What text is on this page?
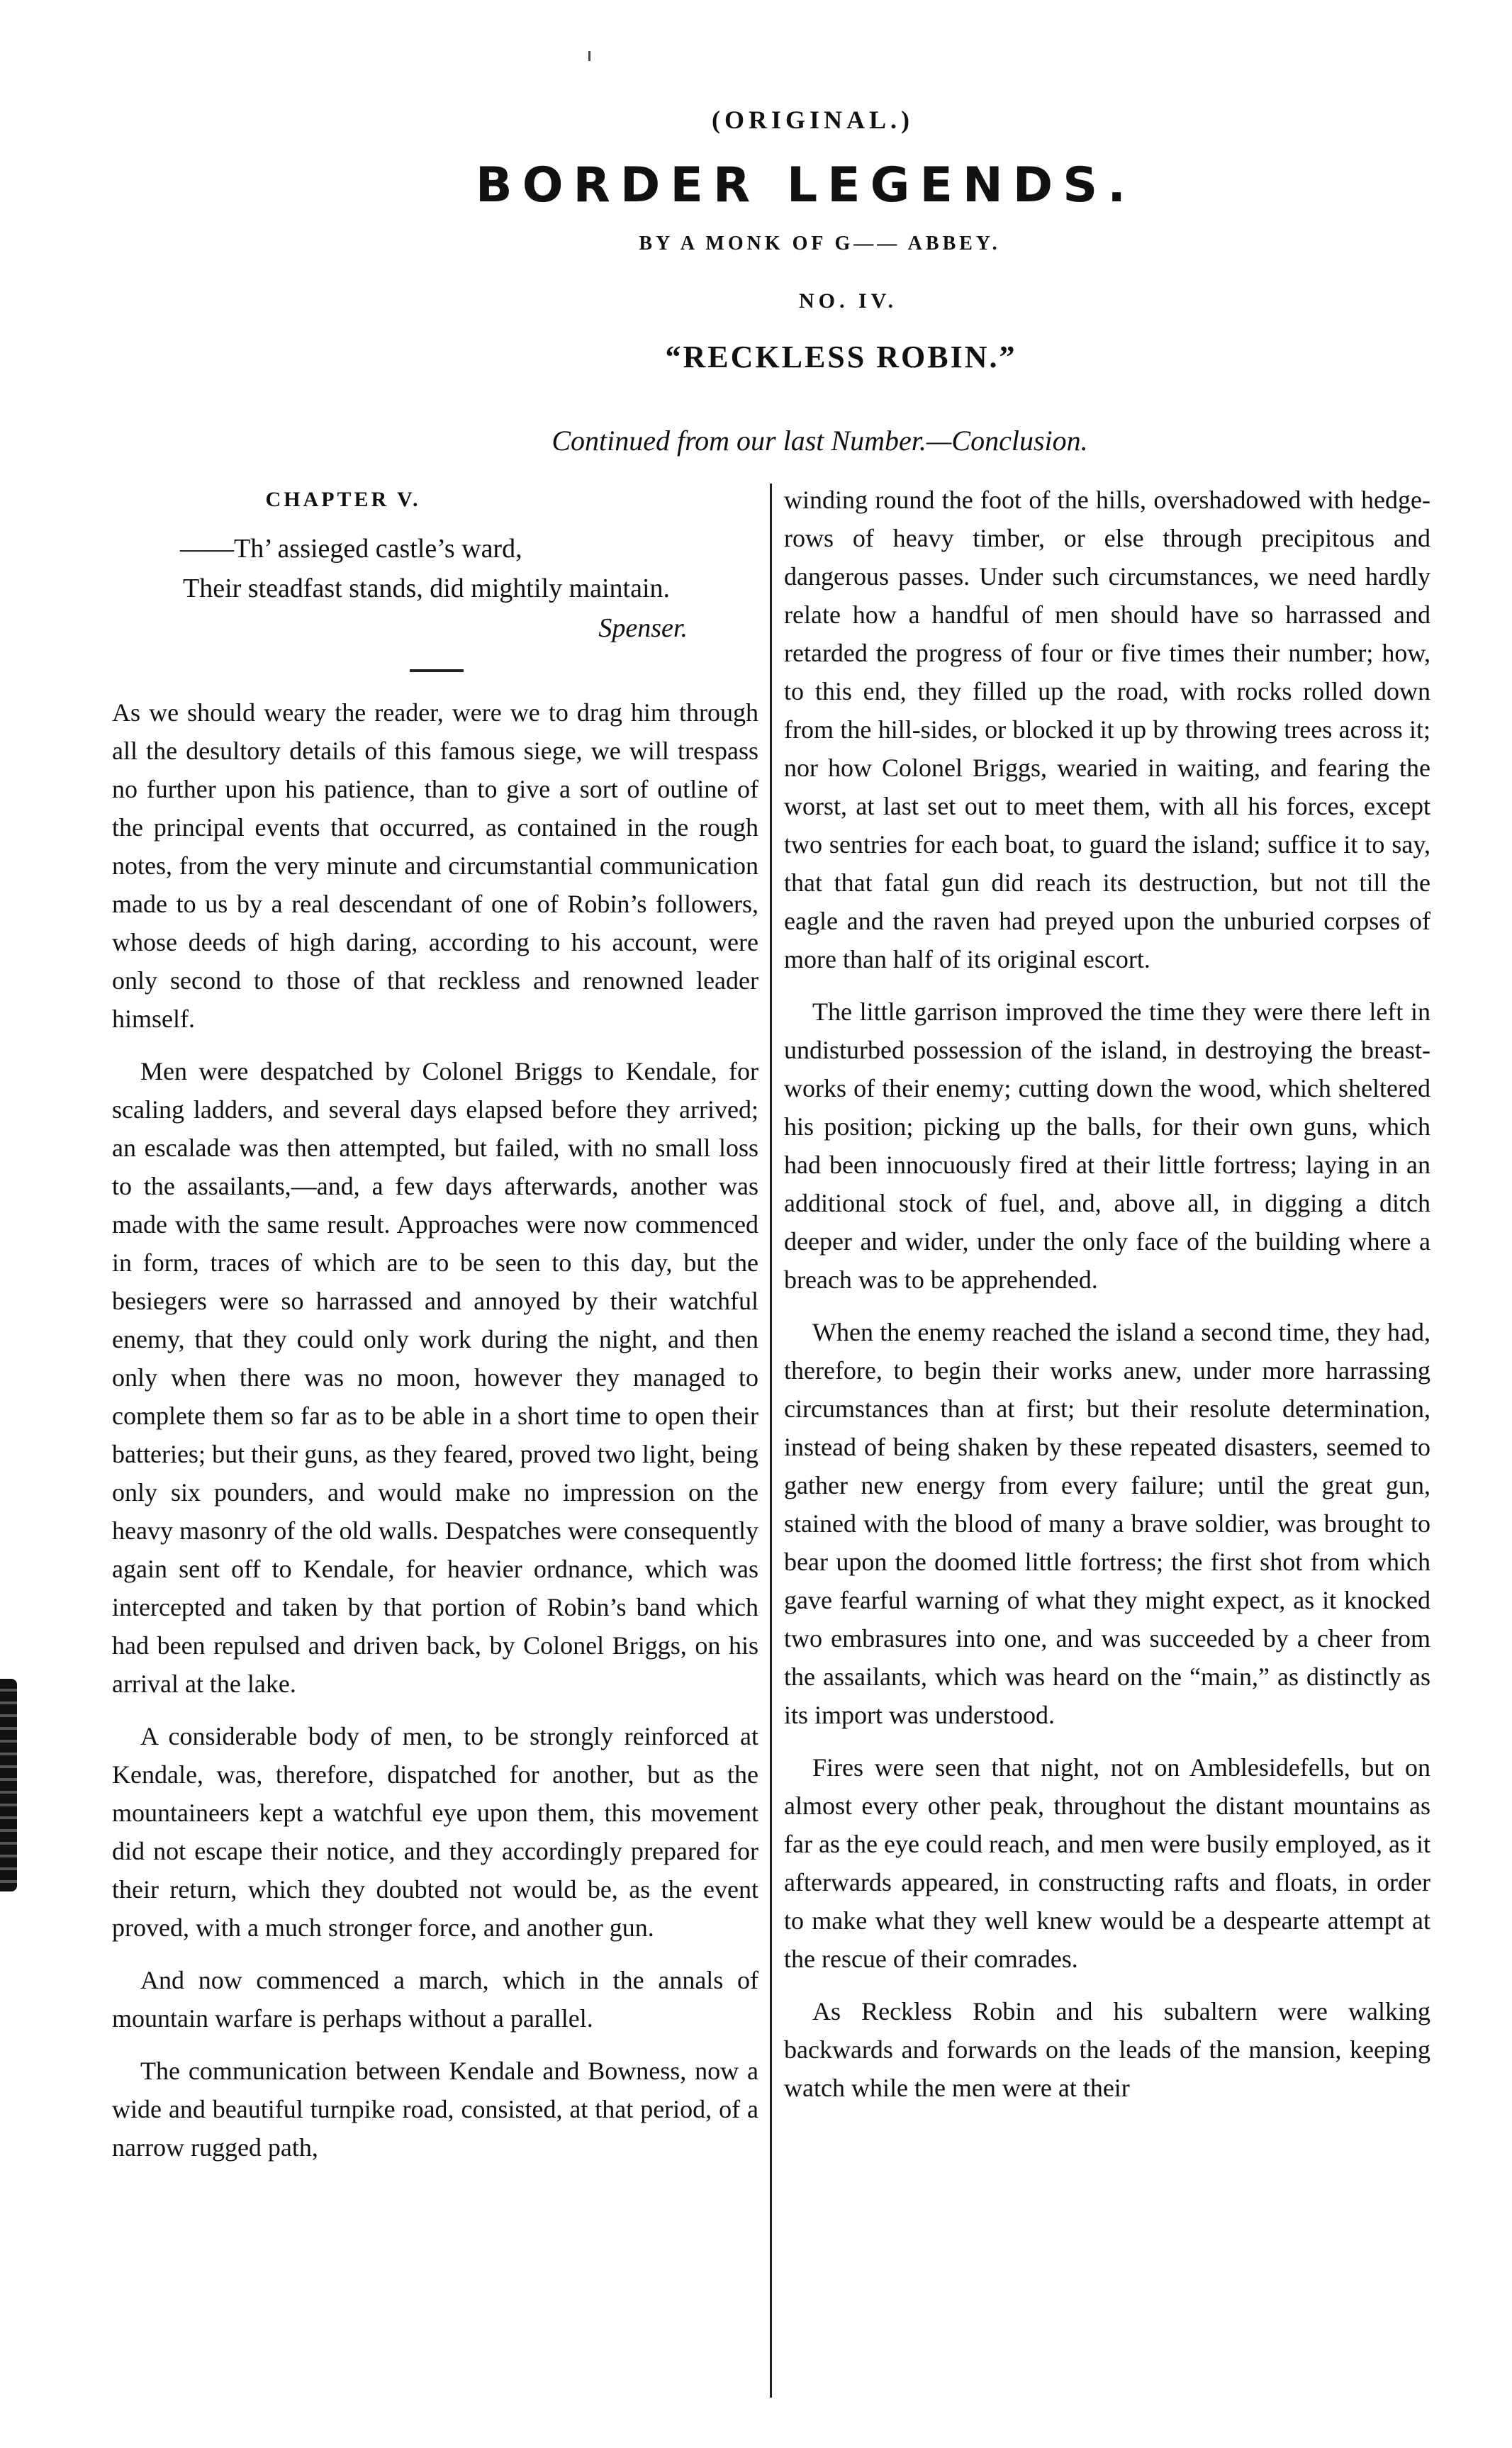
(ORIGINAL.)
BORDER LEGENDS.
BY A MONK OF G—— ABBEY.
NO. IV.
“RECKLESS ROBIN.”
Continued from our last Number.—Conclusion.
CHAPTER V.
——Th’ assieged castle’s ward,
Their steadfast stands, did mightily maintain.
Spenser.

As we should weary the reader, were we to drag him through all the desultory details of this famous siege, we will trespass no further upon his patience, than to give a sort of outline of the principal events that occurred, as contained in the rough notes, from the very minute and circumstantial communication made to us by a real descendant of one of Robin’s followers, whose deeds of high daring, according to his account, were only second to those of that reckless and renowned leader himself.

Men were despatched by Colonel Briggs to Kendale, for scaling ladders, and several days elapsed before they arrived; an escalade was then attempted, but failed, with no small loss to the assailants,—and, a few days afterwards, another was made with the same result. Approaches were now commenced in form, traces of which are to be seen to this day, but the besiegers were so harrassed and annoyed by their watchful enemy, that they could only work during the night, and then only when there was no moon, however they managed to complete them so far as to be able in a short time to open their batteries; but their guns, as they feared, proved two light, being only six pounders, and would make no impression on the heavy masonry of the old walls. Despatches were consequently again sent off to Kendale, for heavier ordnance, which was intercepted and taken by that portion of Robin’s band which had been repulsed and driven back, by Colonel Briggs, on his arrival at the lake.

A considerable body of men, to be strongly reinforced at Kendale, was, therefore, dispatched for another, but as the mountaineers kept a watchful eye upon them, this movement did not escape their notice, and they accordingly prepared for their return, which they doubted not would be, as the event proved, with a much stronger force, and another gun.

And now commenced a march, which in the annals of mountain warfare is perhaps without a parallel.

The communication between Kendale and Bowness, now a wide and beautiful turnpike road, consisted, at that period, of a narrow rugged path,

winding round the foot of the hills, overshadowed with hedge-rows of heavy timber, or else through precipitous and dangerous passes. Under such circumstances, we need hardly relate how a handful of men should have so harrassed and retarded the progress of four or five times their number; how, to this end, they filled up the road, with rocks rolled down from the hill-sides, or blocked it up by throwing trees across it; nor how Colonel Briggs, wearied in waiting, and fearing the worst, at last set out to meet them, with all his forces, except two sentries for each boat, to guard the island; suffice it to say, that that fatal gun did reach its destruction, but not till the eagle and the raven had preyed upon the unburied corpses of more than half of its original escort.

The little garrison improved the time they were there left in undisturbed possession of the island, in destroying the breast-works of their enemy; cutting down the wood, which sheltered his position; picking up the balls, for their own guns, which had been innocuously fired at their little fortress; laying in an additional stock of fuel, and, above all, in digging a ditch deeper and wider, under the only face of the building where a breach was to be apprehended.

When the enemy reached the island a second time, they had, therefore, to begin their works anew, under more harrassing circumstances than at first; but their resolute determination, instead of being shaken by these repeated disasters, seemed to gather new energy from every failure; until the great gun, stained with the blood of many a brave soldier, was brought to bear upon the doomed little fortress; the first shot from which gave fearful warning of what they might expect, as it knocked two embrasures into one, and was succeeded by a cheer from the assailants, which was heard on the “main,” as distinctly as its import was understood.

Fires were seen that night, not on Amblesidefells, but on almost every other peak, throughout the distant mountains as far as the eye could reach, and men were busily employed, as it afterwards appeared, in constructing rafts and floats, in order to make what they well knew would be a despearte attempt at the rescue of their comrades.

As Reckless Robin and his subaltern were walking backwards and forwards on the leads of the mansion, keeping watch while the men were at their
